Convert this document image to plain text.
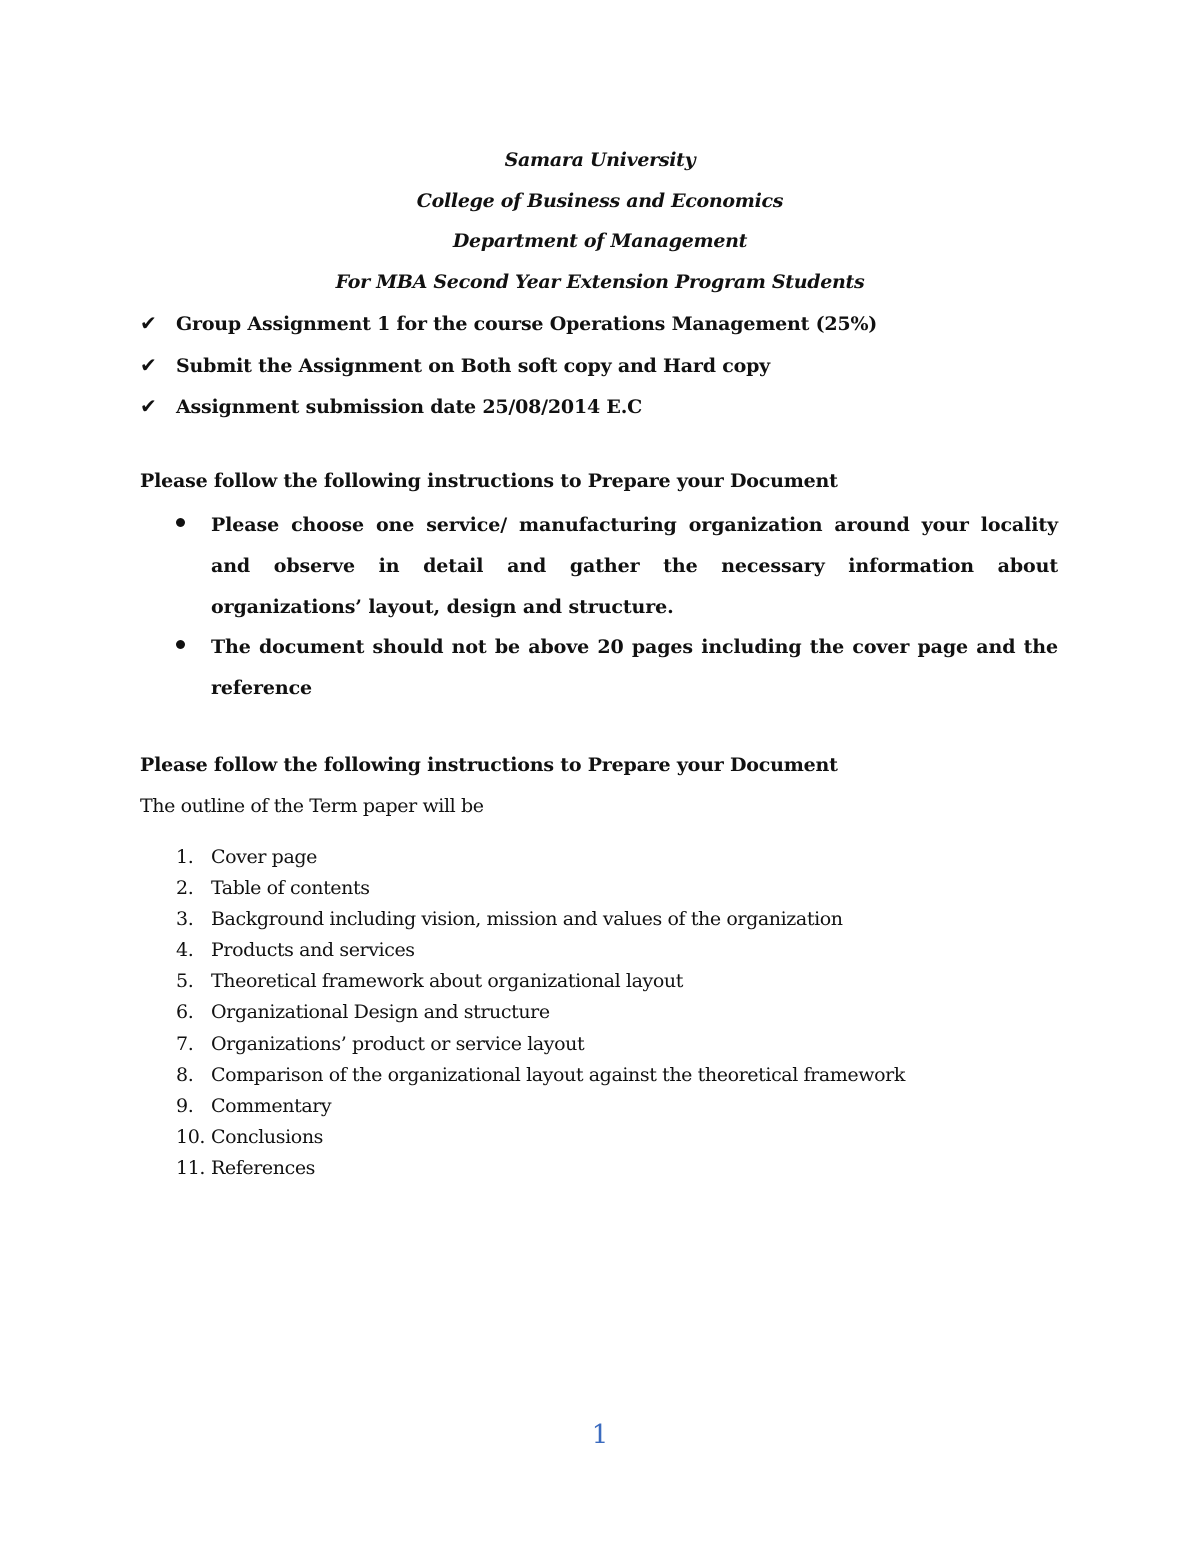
Samara University
College of Business and Economics
Department of Management
For MBA Second Year Extension Program Students
✔	Group Assignment 1 for the course Operations Management (25%)
✔	Submit the Assignment on Both soft copy and Hard copy
✔	Assignment submission date 25/08/2014 E.C
Please follow the following instructions to Prepare your Document
Please choose one service/ manufacturing organization around your locality and observe in detail and gather the necessary information about organizations’ layout, design and structure.
The document should not be above 20 pages including the cover page and the reference
Please follow the following instructions to Prepare your Document
The outline of the Term paper will be
1. Cover page
2. Table of contents
3. Background including vision, mission and values of the organization
4. Products and services
5. Theoretical framework about organizational layout
6. Organizational Design and structure
7. Organizations’ product or service layout
8. Comparison of the organizational layout against the theoretical framework
9. Commentary
10. Conclusions
11. References
1
